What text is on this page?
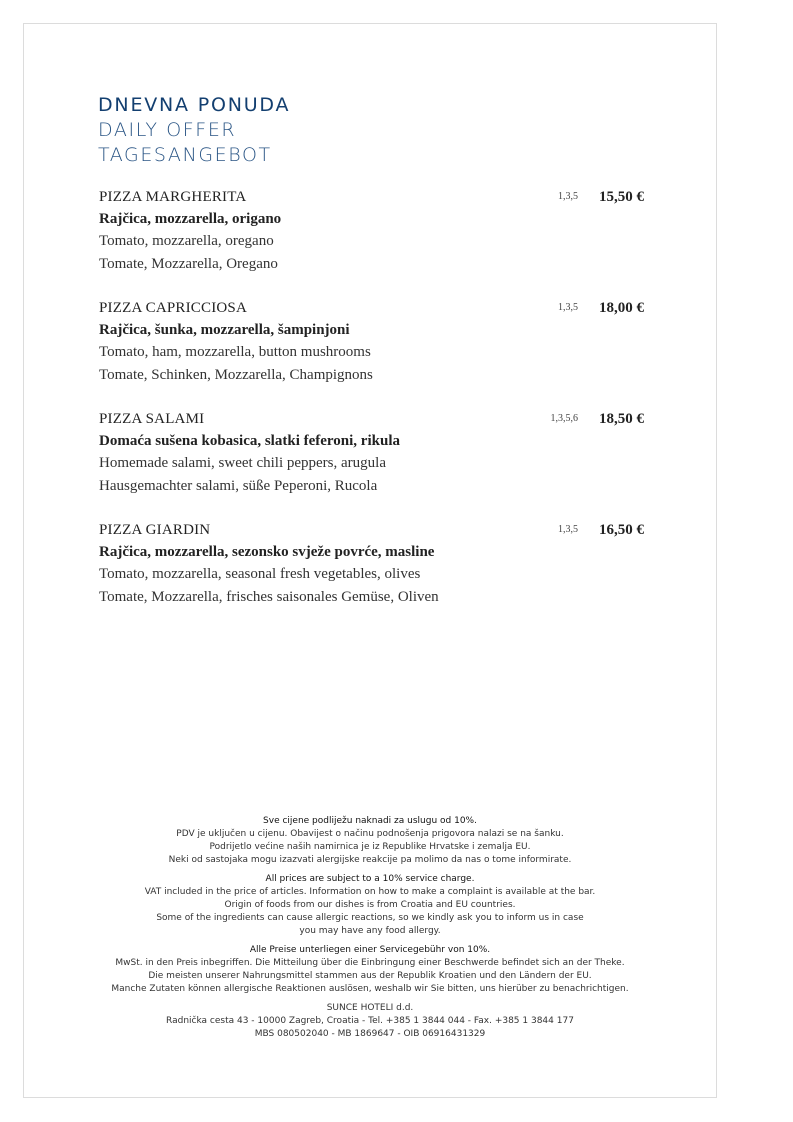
DNEVNA PONUDA
DAILY OFFER
TAGESANGEBOT
PIZZA MARGHERITA	1,3,5 15,50 €
Rajčica, mozzarella, origano
Tomato, mozzarella, oregano
Tomate, Mozzarella, Oregano
PIZZA CAPRICCIOSA	1,3,5 18,00 €
Rajčica, šunka, mozzarella, šampinjoni
Tomato, ham, mozzarella, button mushrooms
Tomate, Schinken, Mozzarella, Champignons
PIZZA SALAMI	1,3,5,6 18,50 €
Domaća sušena kobasica, slatki feferoni, rikula
Homemade salami, sweet chili peppers, arugula
Hausgemachter salami, süße Peperoni, Rucola
PIZZA GIARDIN	1,3,5 16,50 €
Rajčica, mozzarella, sezonsko svježe povrće, masline
Tomato, mozzarella, seasonal fresh vegetables, olives
Tomate, Mozzarella, frisches saisonales Gemüse, Oliven
Sve cijene podliježu naknadi za uslugu od 10%.
PDV je uključen u cijenu. Obavijest o načinu podnošenja prigovora nalazi se na šanku.
Podrijetlo većine naših namirnica je iz Republike Hrvatske i zemalja EU.
Neki od sastojaka mogu izazvati alergijske reakcije pa molimo da nas o tome informirate.
All prices are subject to a 10% service charge.
VAT included in the price of articles. Information on how to make a complaint is available at the bar.
Origin of foods from our dishes is from Croatia and EU countries.
Some of the ingredients can cause allergic reactions, so we kindly ask you to inform us in case
you may have any food allergy.
Alle Preise unterliegen einer Servicegebühr von 10%.
MwSt. in den Preis inbegriffen. Die Mitteilung über die Einbringung einer Beschwerde befindet sich an der Theke.
Die meisten unserer Nahrungsmittel stammen aus der Republik Kroatien und den Ländern der EU.
Manche Zutaten können allergische Reaktionen auslösen, weshalb wir Sie bitten, uns hierüber zu benachrichtigen.
SUNCE HOTELI d.d.
Radnička cesta 43 - 10000 Zagreb, Croatia - Tel. +385 1 3844 044 - Fax. +385 1 3844 177
MBS 080502040 - MB 1869647 - OIB 06916431329
